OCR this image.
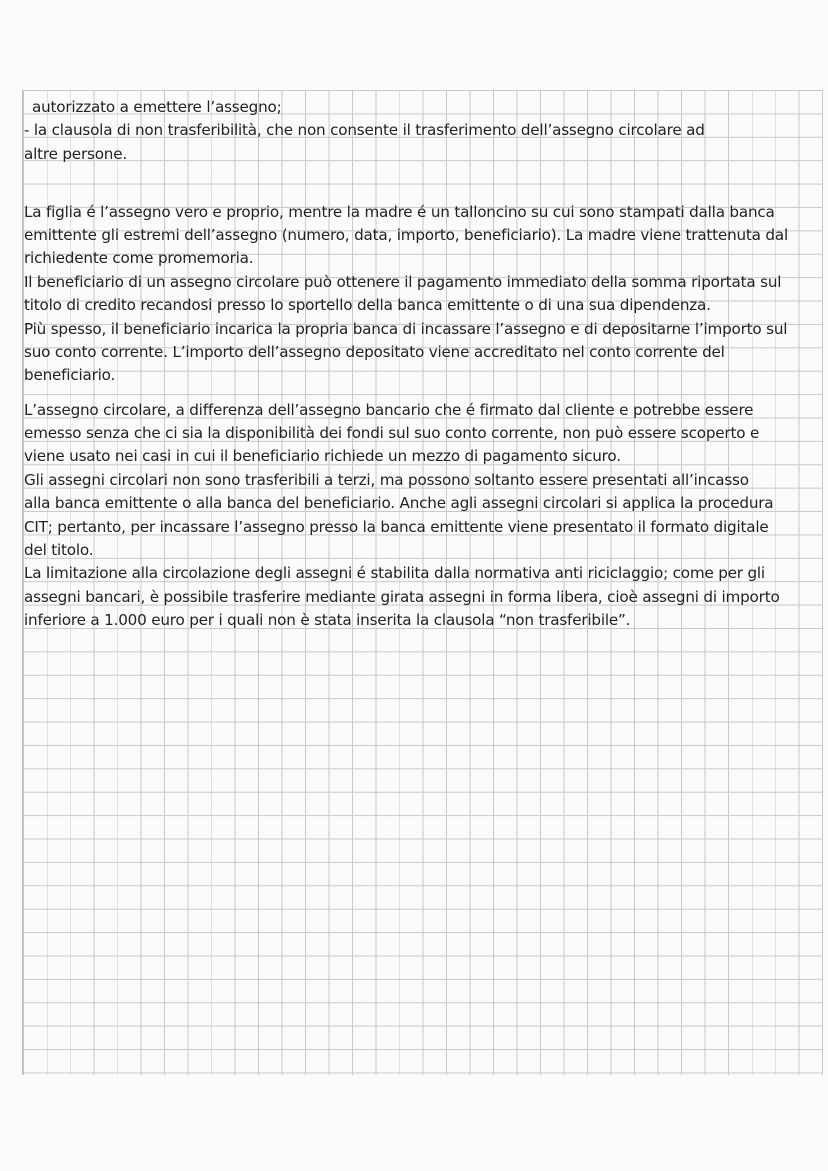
autorizzato a emettere l’assegno;
- la clausola di non trasferibilità, che non consente il trasferimento dell’assegno circolare ad
altre persone.
La figlia é l’assegno vero e proprio, mentre la madre é un talloncino su cui sono stampati dalla banca
emittente gli estremi dell’assegno (numero, data, importo, beneficiario). La madre viene trattenuta dal
richiedente come promemoria.
Il beneficiario di un assegno circolare può ottenere il pagamento immediato della somma riportata sul
titolo di credito recandosi presso lo sportello della banca emittente o di una sua dipendenza.
Più spesso, il beneficiario incarica la propria banca di incassare l’assegno e di depositarne l’importo sul
suo conto corrente. L’importo dell’assegno depositato viene accreditato nel conto corrente del
beneficiario.
L’assegno circolare, a differenza dell’assegno bancario che é firmato dal cliente e potrebbe essere
emesso senza che ci sia la disponibilità dei fondi sul suo conto corrente, non può essere scoperto e
viene usato nei casi in cui il beneficiario richiede un mezzo di pagamento sicuro.
Gli assegni circolari non sono trasferibili a terzi, ma possono soltanto essere presentati all’incasso
alla banca emittente o alla banca del beneficiario. Anche agli assegni circolari si applica la procedura
CIT; pertanto, per incassare l’assegno presso la banca emittente viene presentato il formato digitale
del titolo.
La limitazione alla circolazione degli assegni é stabilita dalla normativa anti riciclaggio; come per gli
assegni bancari, è possibile trasferire mediante girata assegni in forma libera, cioè assegni di importo
inferiore a 1.000 euro per i quali non è stata inserita la clausola “non trasferibile”.
